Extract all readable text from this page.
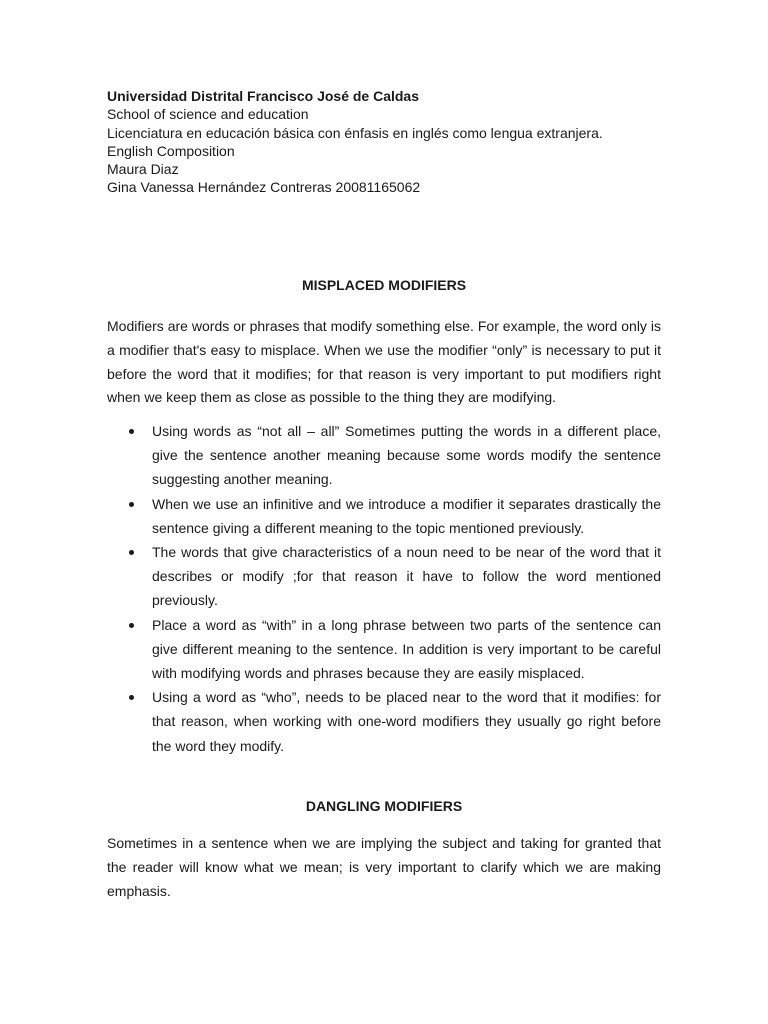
Universidad Distrital Francisco José de Caldas
School of science and education
Licenciatura en educación básica con énfasis en inglés como lengua extranjera.
English Composition
Maura Diaz
Gina Vanessa Hernández Contreras 20081165062
MISPLACED MODIFIERS
Modifiers are words or phrases that modify something else. For example, the word only is a modifier that's easy to misplace. When we use the modifier “only” is necessary to put it before the word that it modifies; for that reason is very important to put modifiers right when we keep them as close as possible to the thing they are modifying.
Using words as “not all – all” Sometimes putting the words in a different place, give the sentence another meaning because some words modify the sentence suggesting another meaning.
When we use an infinitive and we introduce a modifier it separates drastically the sentence giving a different meaning to the topic mentioned previously.
The words that give characteristics of a noun need to be near of the word that it describes or modify ;for that reason it have to follow the word mentioned previously.
Place a word as “with” in a long phrase between two parts of the sentence can give different meaning to the sentence. In addition is very important to be careful with modifying words and phrases because they are easily misplaced.
Using a word as “who”, needs to be placed near to the word that it modifies: for that reason, when working with one-word modifiers they usually go right before the word they modify.
DANGLING MODIFIERS
Sometimes in a sentence when we are implying the subject and taking for granted that the reader will know what we mean; is very important to clarify which we are making emphasis.
